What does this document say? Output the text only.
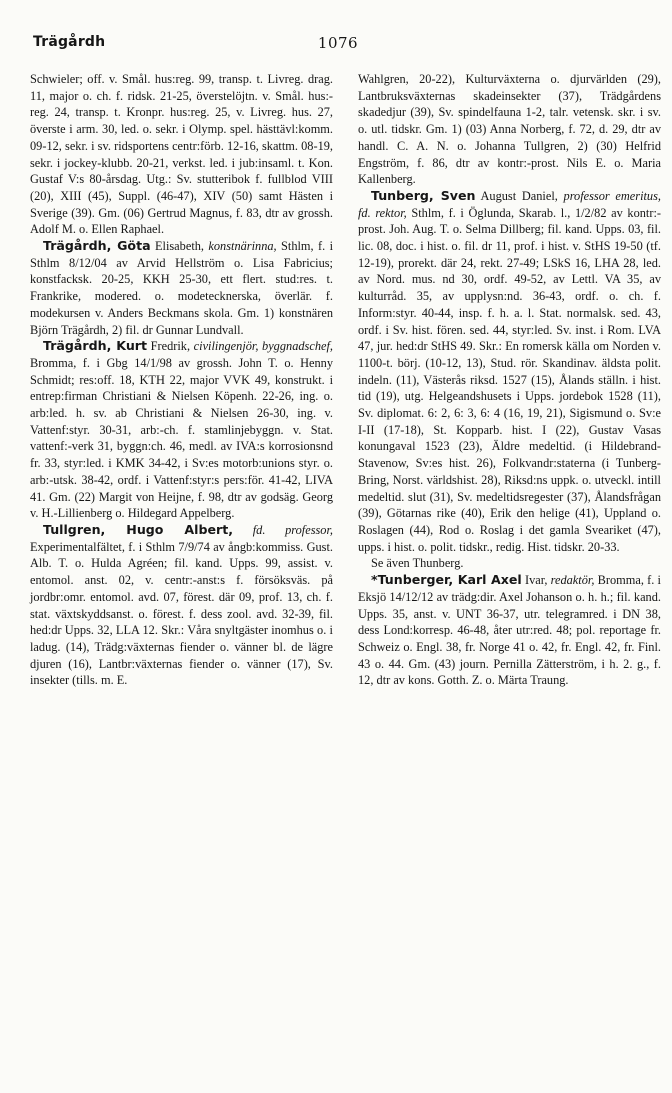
Trägårdh	1076

Schwieler; off. v. Smål. hus:reg. 99, transp. t. Livreg. drag. 11, major o. ch. f. ridsk. 21-25, överstelöjtn. v. Smål. hus:-reg. 24, transp. t. Kronpr. hus:reg. 25, v. Livreg. hus. 27, överste i arm. 30, led. o. sekr. i Olymp. spel. hästtävl:komm. 09-12, sekr. i sv. ridsportens centr:förb. 12-16, skattm. 08-19, sekr. i jockey-klubb. 20-21, verkst. led. i jub:insaml. t. Kon. Gustaf V:s 80-årsdag. Utg.: Sv. stutteribok f. fullblod VIII (20), XIII (45), Suppl. (46-47), XIV (50) samt Hästen i Sverige (39). Gm. (06) Gertrud Magnus, f. 83, dtr av grossh. Adolf M. o. Ellen Raphael.

Trägårdh, Göta Elisabeth, konstnärinna, Sthlm, f. i Sthlm 8/12/04 av Arvid Hellström o. Lisa Fabricius; konstfacksk. 20-25, KKH 25-30, ett flert. stud:res. t. Frankrike, modered. o. modetecknerska, överlär. f. modekursen v. Anders Beckmans skola. Gm. 1) konstnären Björn Trägårdh, 2) fil. dr Gunnar Lundvall.

Trägårdh, Kurt Fredrik, civilingenjör, byggnadschef, Bromma, f. i Gbg 14/1/98 av grossh. John T. o. Henny Schmidt; res:off. 18, KTH 22, major VVK 49, konstrukt. i entrep:firman Christiani & Nielsen Köpenh. 22-26, ing. o. arb:led. h. sv. ab Christiani & Nielsen 26-30, ing. v. Vattenf:styr. 30-31, arb:-ch. f. stamlinjebyggn. v. Stat. vattenf:-verk 31, byggn:ch. 46, medl. av IVA:s korrosionsnd fr. 33, styr:led. i KMK 34-42, i Sv:es motorb:unions styr. o. arb:-utsk. 38-42, ordf. i Vattenf:styr:s pers:för. 41-42, LIVA 41. Gm. (22) Margit von Heijne, f. 98, dtr av godsäg. Georg v. H.-Lillienberg o. Hildegard Appelberg.

Tullgren, Hugo Albert, fd. professor, Experimentalfältet, f. i Sthlm 7/9/74 av ångb:kommiss. Gust. Alb. T. o. Hulda Agréen; fil. kand. Upps. 99, assist. v. entomol. anst. 02, v. centr:-anst:s f. försöksväs. på jordbr:omr. entomol. avd. 07, förest. där 09, prof. 13, ch. f. stat. växtskyddsanst. o. förest. f. dess zool. avd. 32-39, fil. hed:dr Upps. 32, LLA 12. Skr.: Våra snyltgäster inomhus o. i ladug. (14), Trädg:växternas fiender o. vänner bl. de lägre djuren (16), Lantbr:växternas fiender o. vänner (17), Sv. insekter (tills. m. E.

Wahlgren, 20-22), Kulturväxterna o. djurvärlden (29), Lantbruksväxternas skadeinsekter (37), Trädgårdens skadedjur (39), Sv. spindelfauna 1-2, talr. vetensk. skr. i sv. o. utl. tidskr. Gm. 1) (03) Anna Norberg, f. 72, d. 29, dtr av handl. C. A. N. o. Johanna Tullgren, 2) (30) Helfrid Engström, f. 86, dtr av kontr:-prost. Nils E. o. Maria Kallenberg.

Tunberg, Sven August Daniel, professor emeritus, fd. rektor, Sthlm, f. i Öglunda, Skarab. l., 1/2/82 av kontr:-prost. Joh. Aug. T. o. Selma Dillberg; fil. kand. Upps. 03, fil. lic. 08, doc. i hist. o. fil. dr 11, prof. i hist. v. StHS 19-50 (tf. 12-19), prorekt. där 24, rekt. 27-49; LSkS 16, LHA 28, led. av Nord. mus. nd 30, ordf. 49-52, av Lettl. VA 35, av kulturråd. 35, av upplysn:nd. 36-43, ordf. o. ch. f. Inform:styr. 40-44, insp. f. h. a. l. Stat. normalsk. sed. 43, ordf. i Sv. hist. fören. sed. 44, styr:led. Sv. inst. i Rom. LVA 47, jur. hed:dr StHS 49. Skr.: En romersk källa om Norden v. 1100-t. börj. (10-12, 13), Stud. rör. Skandinav. äldsta polit. indeln. (11), Västerås riksd. 1527 (15), Ålands ställn. i hist. tid (19), utg. Helgeandshusets i Upps. jordebok 1528 (11), Sv. diplomat. 6: 2, 6: 3, 6: 4 (16, 19, 21), Sigismund o. Sv:e I-II (17-18), St. Kopparb. hist. I (22), Gustav Vasas konungaval 1523 (23), Äldre medeltid. (i Hildebrand-Stavenow, Sv:es hist. 26), Folkvandr:staterna (i Tunberg-Bring, Norst. världshist. 28), Riksd:ns uppk. o. utveckl. intill medeltid. slut (31), Sv. medeltidsregester (37), Ålandsfrågan (39), Götarnas rike (40), Erik den helige (41), Uppland o. Roslagen (44), Rod o. Roslag i det gamla Sveariket (47), upps. i hist. o. polit. tidskr., redig. Hist. tidskr. 20-33.

Se även Thunberg.

*Tunberger, Karl Axel Ivar, redaktör, Bromma, f. i Eksjö 14/12/12 av trädg:dir. Axel Johanson o. h. h.; fil. kand. Upps. 35, anst. v. UNT 36-37, utr. telegramred. i DN 38, dess Lond:korresp. 46-48, åter utr:red. 48; pol. reportage fr. Schweiz o. Engl. 38, fr. Norge 41 o. 42, fr. Engl. 42, fr. Finl. 43 o. 44. Gm. (43) journ. Pernilla Zätterström, i h. 2. g., f. 12, dtr av kons. Gotth. Z. o. Märta Traung.
